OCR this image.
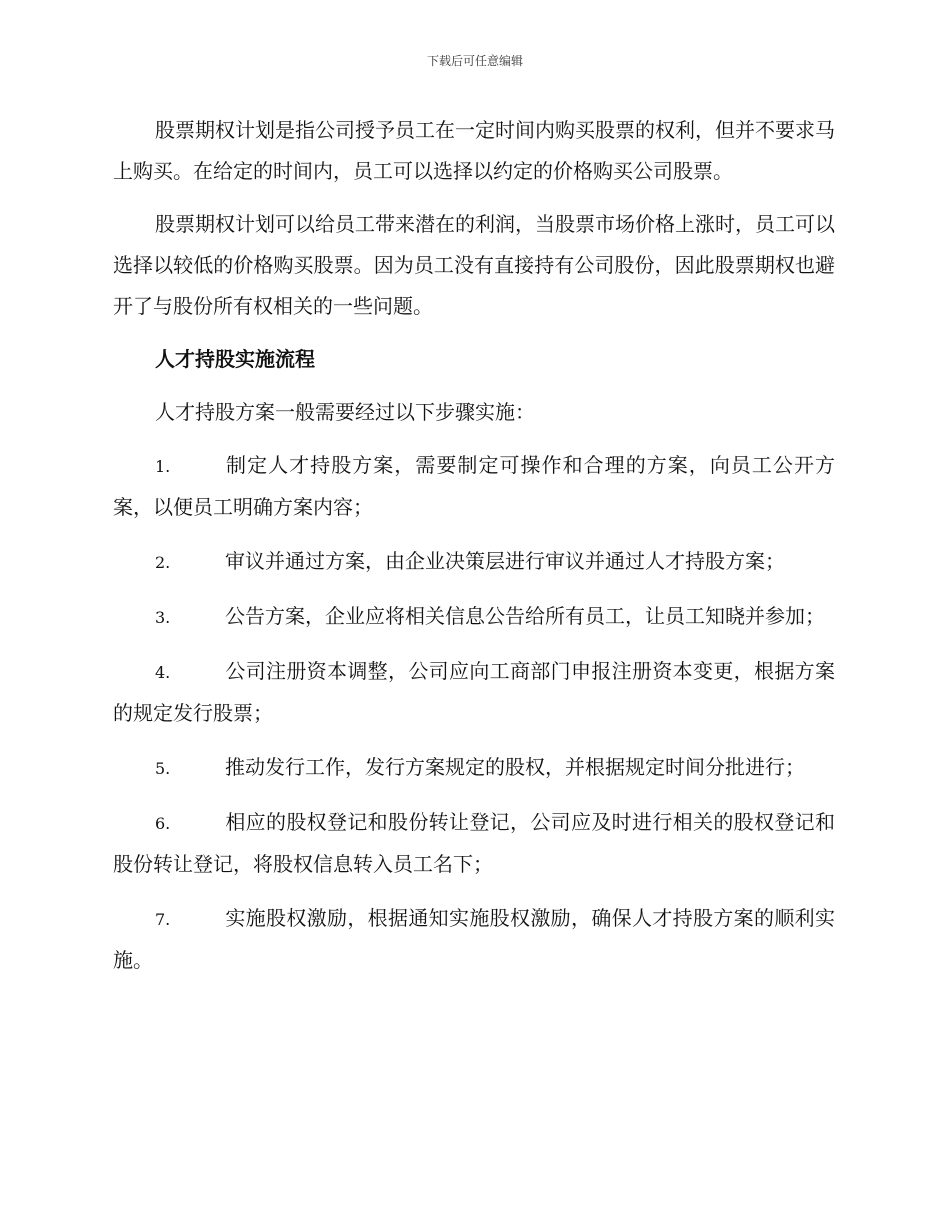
下载后可任意编辑

股票期权计划是指公司授予员工在一定时间内购买股票的权利，但并不要求马上购买。在给定的时间内，员工可以选择以约定的价格购买公司股票。

股票期权计划可以给员工带来潜在的利润，当股票市场价格上涨时，员工可以选择以较低的价格购买股票。因为员工没有直接持有公司股份，因此股票期权也避开了与股份所有权相关的一些问题。

人才持股实施流程

人才持股方案一般需要经过以下步骤实施：

1.	制定人才持股方案，需要制定可操作和合理的方案，向员工公开方案，以便员工明确方案内容；

2.	审议并通过方案，由企业决策层进行审议并通过人才持股方案；

3.	公告方案，企业应将相关信息公告给所有员工，让员工知晓并参加；

4.	公司注册资本调整，公司应向工商部门申报注册资本变更，根据方案的规定发行股票；

5.	推动发行工作，发行方案规定的股权，并根据规定时间分批进行；

6.	相应的股权登记和股份转让登记，公司应及时进行相关的股权登记和股份转让登记，将股权信息转入员工名下；

7.	实施股权激励，根据通知实施股权激励，确保人才持股方案的顺利实施。
